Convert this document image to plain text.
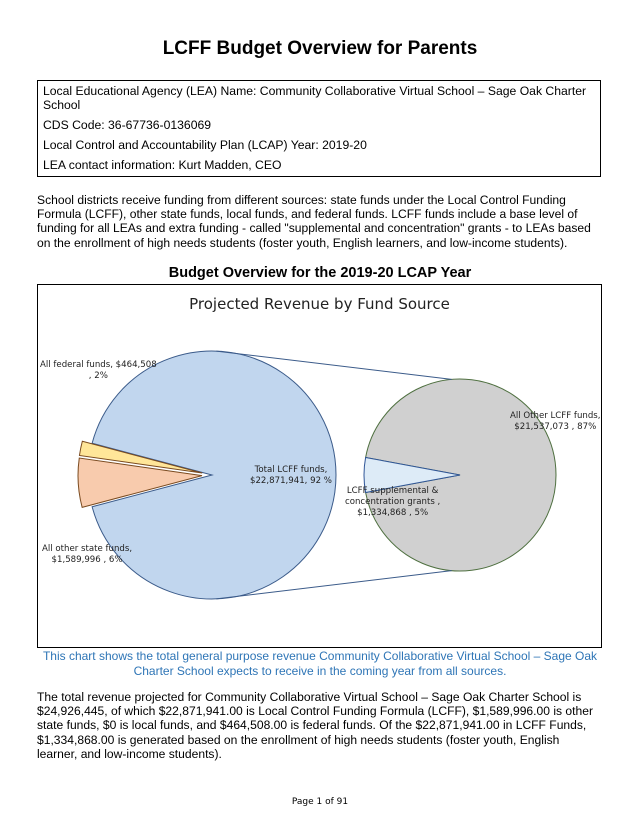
LCFF Budget Overview for Parents
Local Educational Agency (LEA) Name: Community Collaborative Virtual School – Sage Oak Charter School
CDS Code: 36-67736-0136069
Local Control and Accountability Plan (LCAP) Year: 2019-20
LEA contact information: Kurt Madden, CEO
School districts receive funding from different sources: state funds under the Local Control Funding Formula (LCFF), other state funds, local funds, and federal funds. LCFF funds include a base level of funding for all LEAs and extra funding - called "supplemental and concentration" grants - to LEAs based on the enrollment of high needs students (foster youth, English learners, and low-income students).
Budget Overview for the 2019-20 LCAP Year
Projected Revenue by Fund Source
All federal funds, $464,508
, 2%
All other state funds,
$1,589,996 , 6%
Total LCFF funds,
$22,871,941, 92 %
All Other LCFF funds,
$21,537,073 , 87%
LCFF supplemental &
concentration grants ,
$1,334,868 , 5%
This chart shows the total general purpose revenue Community Collaborative Virtual School – Sage Oak Charter School expects to receive in the coming year from all sources.
The total revenue projected for Community Collaborative Virtual School – Sage Oak Charter School is $24,926,445, of which $22,871,941.00 is Local Control Funding Formula (LCFF), $1,589,996.00 is other state funds, $0 is local funds, and $464,508.00 is federal funds. Of the $22,871,941.00 in LCFF Funds, $1,334,868.00 is generated based on the enrollment of high needs students (foster youth, English learner, and low-income students).
Page 1 of 91
